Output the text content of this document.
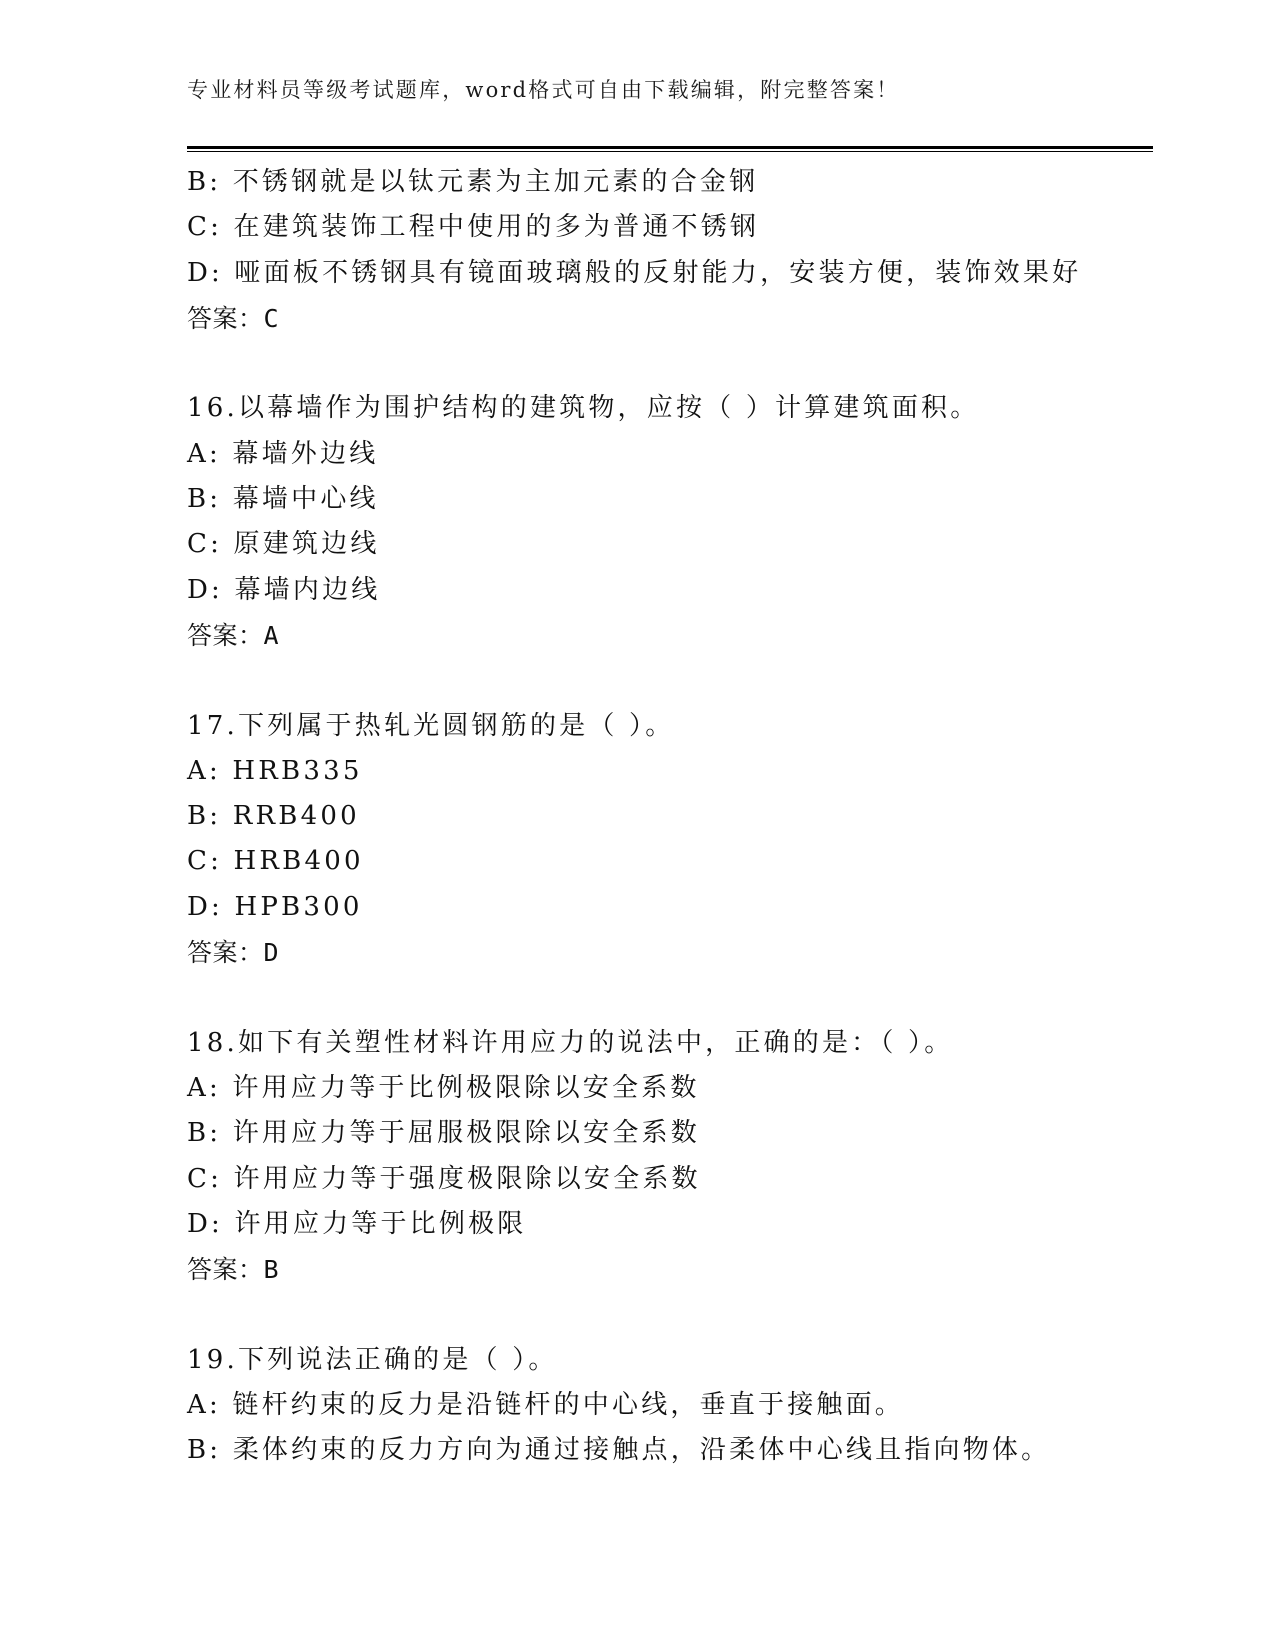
专业材料员等级考试题库，word格式可自由下载编辑，附完整答案！
B: 不锈钢就是以钛元素为主加元素的合金钢
C: 在建筑装饰工程中使用的多为普通不锈钢
D: 哑面板不锈钢具有镜面玻璃般的反射能力，安装方便，装饰效果好
答案：C
16.以幕墙作为围护结构的建筑物，应按（ ）计算建筑面积。
A: 幕墙外边线
B: 幕墙中心线
C: 原建筑边线
D: 幕墙内边线
答案：A
17.下列属于热轧光圆钢筋的是（ ）。
A: HRB335
B: RRB400
C: HRB400
D: HPB300
答案：D
18.如下有关塑性材料许用应力的说法中，正确的是：（ ）。
A: 许用应力等于比例极限除以安全系数
B: 许用应力等于屈服极限除以安全系数
C: 许用应力等于强度极限除以安全系数
D: 许用应力等于比例极限
答案：B
19.下列说法正确的是（ ）。
A: 链杆约束的反力是沿链杆的中心线，垂直于接触面。
B: 柔体约束的反力方向为通过接触点，沿柔体中心线且指向物体。
